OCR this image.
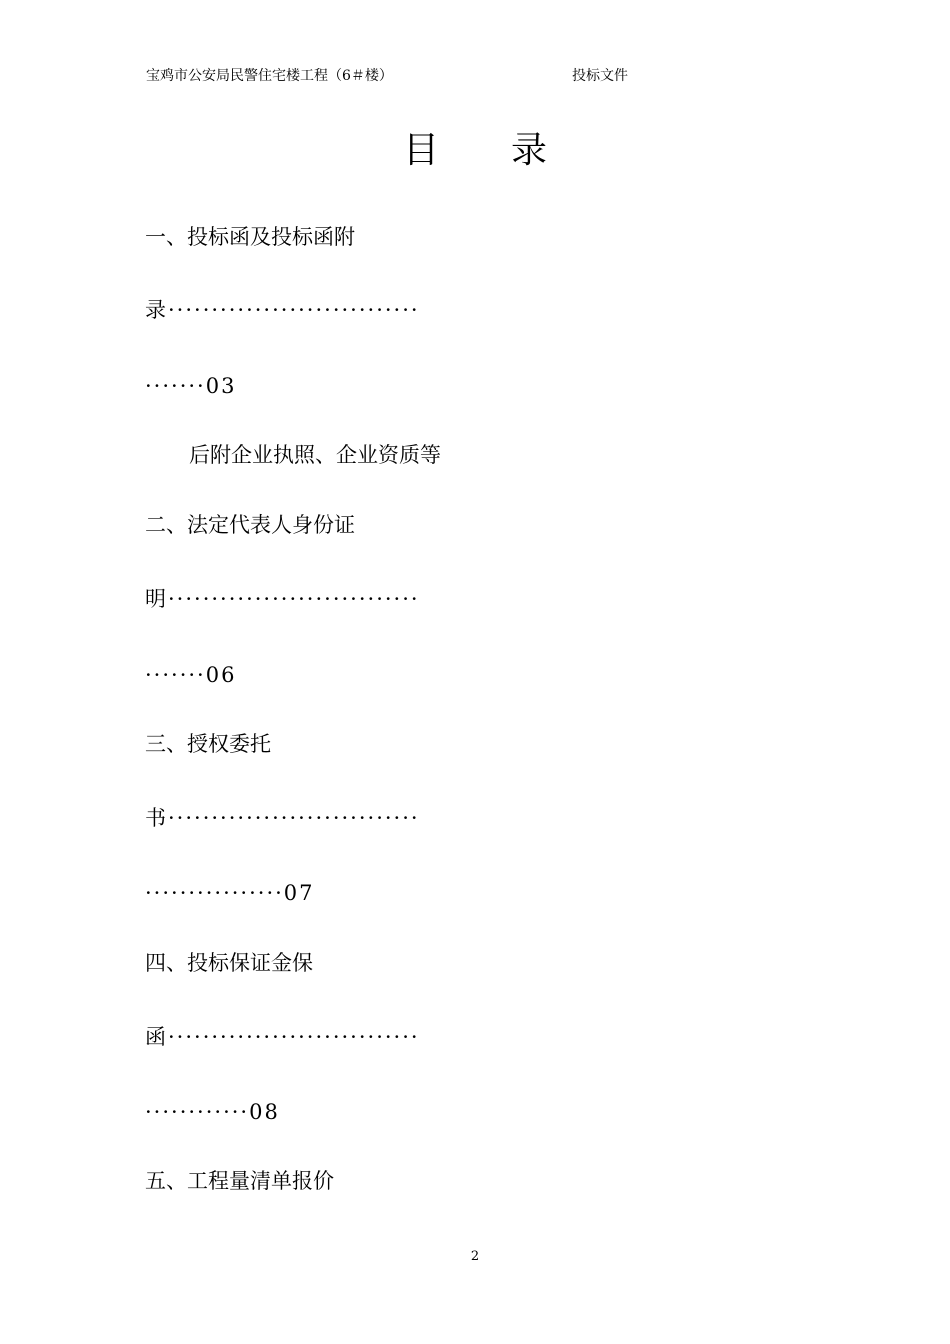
宝鸡市公安局民警住宅楼工程（6＃楼）	投标文件
目　　录
一、投标函及投标函附
录·····························
·······03
后附企业执照、企业资质等
二、法定代表人身份证
明·····························
·······06
三、授权委托
书·····························
················07
四、投标保证金保
函·····························
············08
五、工程量清单报价
2
